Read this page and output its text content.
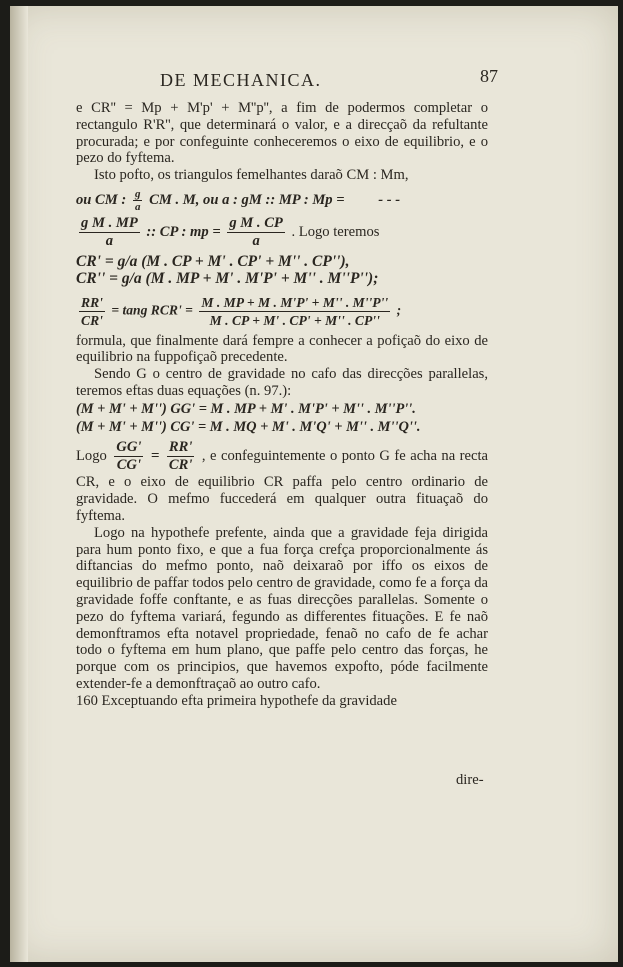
DE MECHANICA.	87

e CR'' = Mp + M'p' + M''p'', a fim de podermos completar o rectangulo R'R'', que determinará o valor, e a direcçaõ da refultante procurada; e por confeguinte conheceremos o eixo de equilibrio, e o pezo do fyftema.

Isto pofto, os triangulos femelhantes daraõ CM : Mm,

ou CM : $\frac{g}{a}$ CM . M, ou a : gM :: MP : Mp = - - -

$\frac{\text{g M . MP}}{a}$ :: CP : mp = $\frac{\text{g M . CP}}{a}$ . Logo teremos

CR' = g/a (M . CP + M' . CP' + M'' . CP''),

CR'' = g/a (M . MP + M' . M'P' + M'' . M''P'');

$\frac{RR'}{CR'} = \tan g$ $RCR' = \frac{M . MP + M . M'P' + M'' . M''P''}{M . CP + M' . CP' + M'' . CP''}$ ;

formula, que finalmente dará fempre a conhecer a pofiçaõ do eixo de equilibrio na fuppofiçaõ precedente.

Sendo G o centro de gravidade no cafo das direcções parallelas, teremos eftas duas equações (n. 97.):

(M + M' + M'') GG' = M . MP + M' . M'P' + M'' . M''P''.

(M + M' + M'') CG' = M . MQ + M' . M'Q' + M'' . M''Q''.

Logo $\frac{GG'}{CG'} = \frac{RR'}{CR'}$ , e confeguintemente o ponto G fe acha na recta CR, e o eixo de equilibrio CR paffa pelo centro ordinario de gravidade. O mefmo fuccederá em qualquer outra fituaçaõ do fyftema.

Logo na hypothefe prefente, ainda que a gravidade feja dirigida para hum ponto fixo, e que a fua força crefça proporcionalmente ás diftancias do mefmo ponto, naõ deixaraõ por iffo os eixos de equilibrio de paffar todos pelo centro de gravidade, como fe a força da gravidade foffe conftante, e as fuas direcções parallelas. Somente o pezo do fyftema variará, fegundo as differentes fituações. E fe naõ demonftramos efta notavel propriedade, fenaõ no cafo de fe achar todo o fyftema em hum plano, que paffe pelo centro das forças, he porque com os principios, que havemos expofto, póde facilmente extender-fe a demonftraçaõ ao outro cafo.

160 Exceptuando efta primeira hypothefe da gravidade

dire-
